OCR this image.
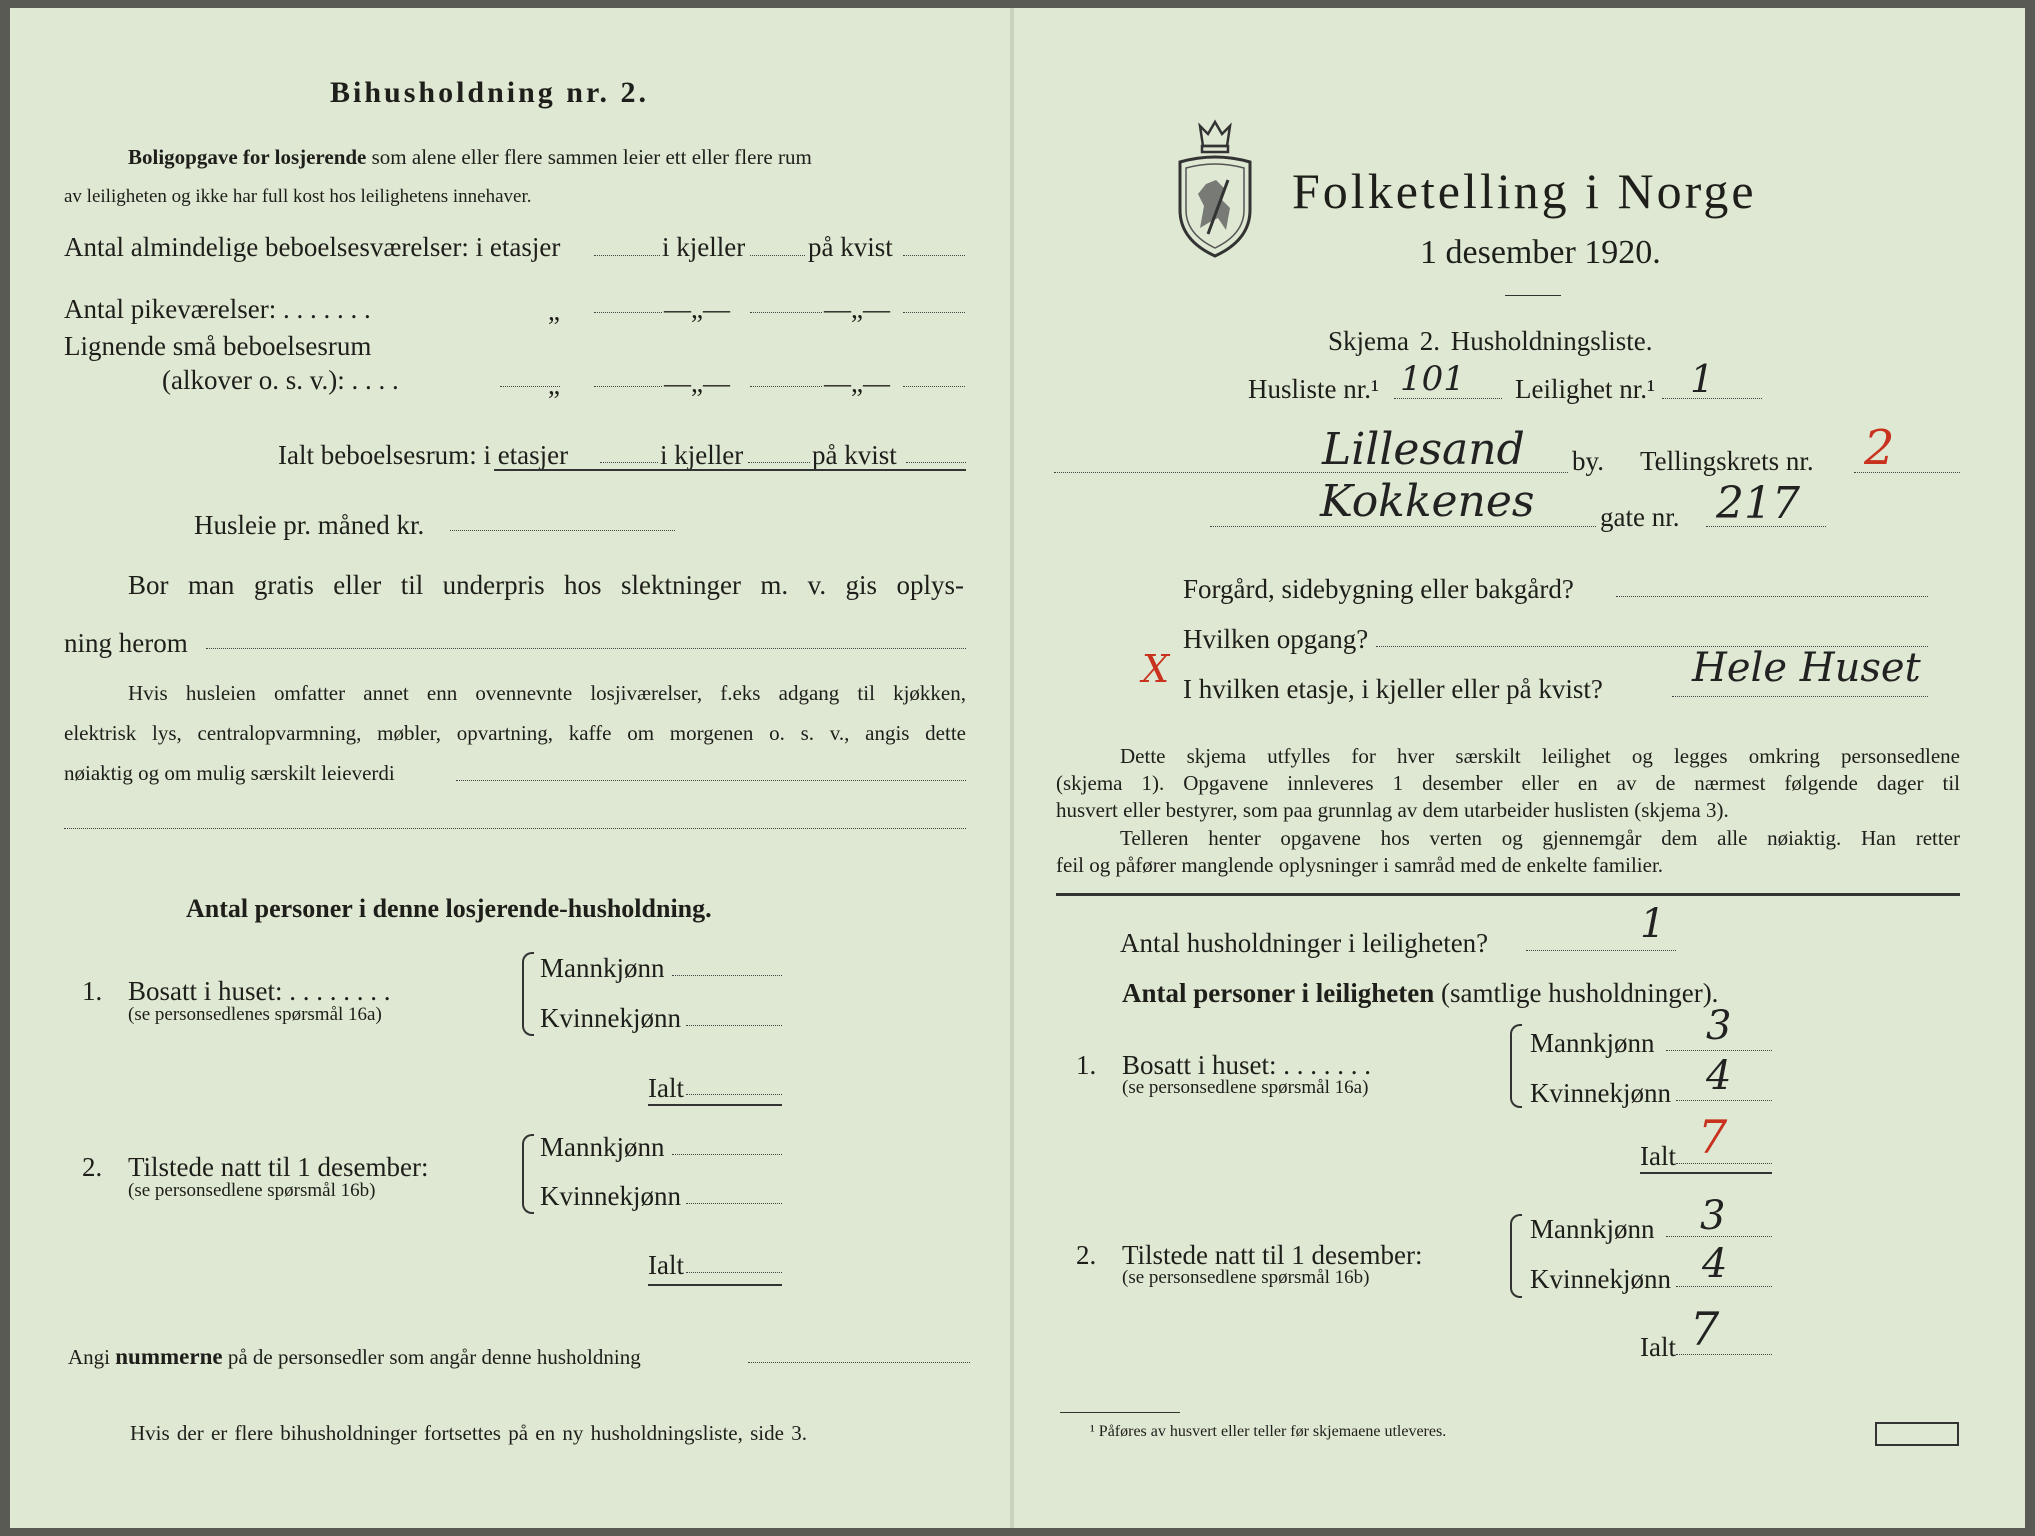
Bihusholdning nr. 2.
Boligopgave for losjerende som alene eller flere sammen leier ett eller flere rum
av leiligheten og ikke har full kost hos leilighetens innehaver.
Antal almindelige beboelsesværelser: i etasjer	i kjeller på kvist
Antal pikeværelser: . . . . . . .	„	—„—	—„—
Lignende små beboelsesrum
(alkover o. s. v.): . . . .	„	—„—	—„—
Ialt beboelsesrum: i etasjer	i kjeller	på kvist
Husleie pr. måned kr.
Bor man gratis eller til underpris hos slektninger m. v. gis oplys-
ning herom
Hvis husleien omfatter annet enn ovennevnte losjiværelser, f.eks adgang til kjøkken,
elektrisk lys, centralopvarmning, møbler, opvartning, kaffe om morgenen o. s. v., angis dette
nøiaktig og om mulig særskilt leieverdi
Antal personer i denne losjerende-husholdning.
1. Bosatt i huset: . . . . . . . .
(se personsedlenes spørsmål 16a)
Mannkjønn
Kvinnekjønn
Ialt
2. Tilstede natt til 1 desember:
(se personsedlene spørsmål 16b)
Mannkjønn
Kvinnekjønn
Ialt
Angi nummerne på de personsedler som angår denne husholdning
Hvis der er flere bihusholdninger fortsettes på en ny husholdningsliste, side 3.
Folketelling i Norge
1 desember 1920.
Skjema 2. Husholdningsliste.
Husliste nr.¹ 101 Leilighet nr.¹ 1
Lillesand by. Tellingskrets nr. 2
Kokkenes gate nr. 217
Forgård, sidebygning eller bakgård?
Hvilken opgang?
X I hvilken etasje, i kjeller eller på kvist? Hele Huset
Dette skjema utfylles for hver særskilt leilighet og legges omkring personsedlene
(skjema 1). Opgavene innleveres 1 desember eller en av de nærmest følgende dager til
husvert eller bestyrer, som paa grunnlag av dem utarbeider huslisten (skjema 3).
Telleren henter opgavene hos verten og gjennemgår dem alle nøiaktig. Han retter
feil og påfører manglende oplysninger i samråd med de enkelte familier.
Antal husholdninger i leiligheten?	1
Antal personer i leiligheten (samtlige husholdninger).
1. Bosatt i huset: . . . . . . .
(se personsedlene spørsmål 16a)
Mannkjønn 3
Kvinnekjønn 4
Ialt 7
2. Tilstede natt til 1 desember:
(se personsedlene spørsmål 16b)
Mannkjønn 3
Kvinnekjønn 4
Ialt 7
¹ Påføres av husvert eller teller før skjemaene utleveres.
